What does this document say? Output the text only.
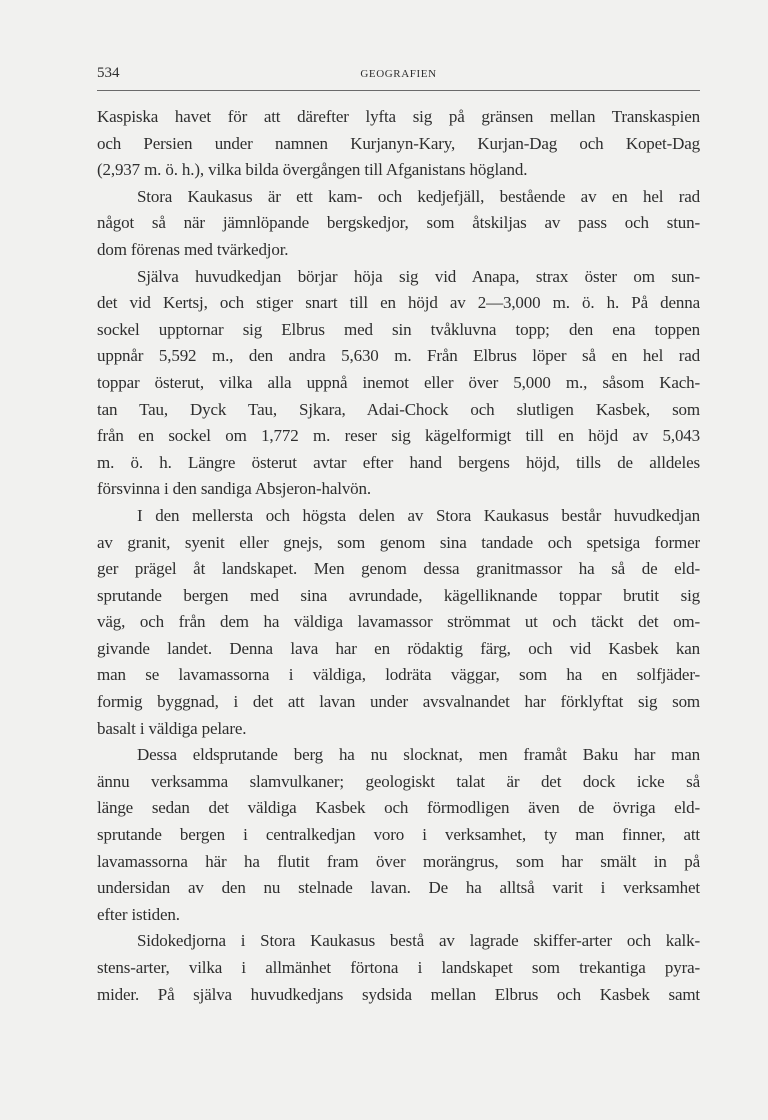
534	GEOGRAFIEN
Kaspiska havet för att därefter lyfta sig på gränsen mellan Transkaspien
och Persien under namnen Kurjanyn-Kary, Kurjan-Dag och Kopet-Dag
(2,937 m. ö. h.), vilka bilda övergången till Afganistans högland.
Stora Kaukasus är ett kam- och kedjefjäll, bestående av en hel rad
något så när jämnlöpande bergskedjor, som åtskiljas av pass och stun-
dom förenas med tvärkedjor.
Själva huvudkedjan börjar höja sig vid Anapa, strax öster om sun-
det vid Kertsj, och stiger snart till en höjd av 2—3,000 m. ö. h. På denna
sockel upptornar sig Elbrus med sin tvåkluvna topp; den ena toppen
uppnår 5,592 m., den andra 5,630 m. Från Elbrus löper så en hel rad
toppar österut, vilka alla uppnå inemot eller över 5,000 m., såsom Kach-
tan Tau, Dyck Tau, Sjkara, Adai-Chock och slutligen Kasbek, som
från en sockel om 1,772 m. reser sig kägelformigt till en höjd av 5,043
m. ö. h. Längre österut avtar efter hand bergens höjd, tills de alldeles
försvinna i den sandiga Absjeron-halvön.
I den mellersta och högsta delen av Stora Kaukasus består huvudkedjan
av granit, syenit eller gnejs, som genom sina tandade och spetsiga former
ger prägel åt landskapet. Men genom dessa granitmassor ha så de eld-
sprutande bergen med sina avrundade, kägelliknande toppar brutit sig
väg, och från dem ha väldiga lavamassor strömmat ut och täckt det om-
givande landet. Denna lava har en rödaktig färg, och vid Kasbek kan
man se lavamassorna i väldiga, lodräta väggar, som ha en solfjäder-
formig byggnad, i det att lavan under avsvalnandet har förklyftat sig som
basalt i väldiga pelare.
Dessa eldsprutande berg ha nu slocknat, men framåt Baku har man
ännu verksamma slamvulkaner; geologiskt talat är det dock icke så
länge sedan det väldiga Kasbek och förmodligen även de övriga eld-
sprutande bergen i centralkedjan voro i verksamhet, ty man finner, att
lavamassorna här ha flutit fram över morängrus, som har smält in på
undersidan av den nu stelnade lavan. De ha alltså varit i verksamhet
efter istiden.
Sidokedjorna i Stora Kaukasus bestå av lagrade skiffer-arter och kalk-
stens-arter, vilka i allmänhet förtona i landskapet som trekantiga pyra-
mider. På själva huvudkedjans sydsida mellan Elbrus och Kasbek samt
